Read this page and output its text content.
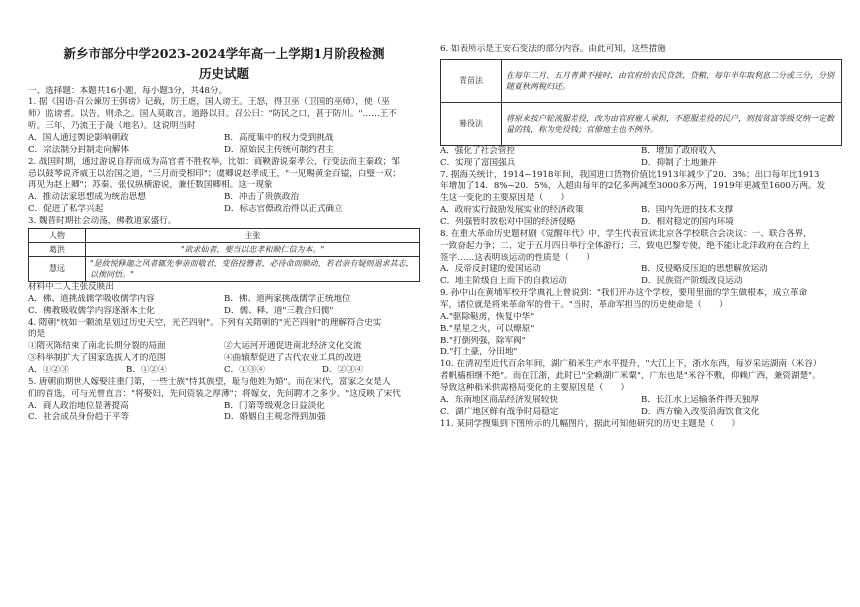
新乡市部分中学2023-2024学年高一上学期1月阶段检测
历史试题
一、选择题：本题共16小题，每小题3分，共48分。
1. 据《国语·召公谏厉王弭谤》记载，厉王虐，国人谤王。王怒，得卫巫（卫国的巫师），使（巫
师）监谤者。以告，则杀之。国人莫敢言，道路以目。召公曰："防民之口，甚于防川。"……王不
听。三年，乃流王于彘（地名）。这说明当时
A．国人通过舆论影响朝政	B．高度集中的权力受到挑战
C．宗法制分封制走向解体	D．原始民主传统可制约君主
2. 战国时期，通过游说自荐而成为高官者不胜枚举，比如：商鞅游说秦孝公，行变法而主秦政；邹
忌以鼓琴说齐威王以治国之道，"三月而受相印"；虞卿说赵孝成王，"一见赐黄金百镒，白璧一双；
再见为赵上卿"；苏秦、张仪纵横游说，兼任数国卿相。这一现象
A．推动法家思想成为统治思想	B．冲击了贵族政治
C．促进了私学兴起	D．标志官僚政治得以正式确立
3. 魏晋时期社会动荡，佛教道家盛行。
人物	主张
葛洪	"欲求仙者，要当以忠孝和顺仁信为本。"
慧远	"是故悦释迦之风者辄先奉亲而敬君，变俗投簪者，必待命而顺动，若君亲有疑则退求其志，以俟同悟。"
材料中二人主张反映出
A．佛、道挑战儒学吸收儒学内容	B．佛、道两家挑战儒学正统地位
C．佛教吸收儒学内容逐渐本土化	D．儒、释、道"三教合归儒"
4. 隋朝"枕如一颗流星划过历史天空，光芒四射"。下列有关隋朝的"光芒四射"的理解符合史实
的是
①隋灭陈结束了南北长期分裂的局面	②大运河开通促进南北经济文化交流
③科举制扩大了国家选拔人才的范围	④曲辕犁促进了古代农业工具的改进
A．①②③	B．①②④	C．①③④	D．②③④
5. 唐朝前期世人嫁娶注重门第，一些士族"恃其族望，耻与他姓为婚"。而在宋代，富家之女是人
们的首选，可与光曾直言："将娶妇，先问资装之厚薄"；将嫁女，先问聘才之多少。"这反映了宋代
A．商人政治地位显著提高	B．门第等级观念日益淡化
C．社会成员身份趋于平等	D．婚姻自主观念得到加强
6. 如表所示是王安石变法的部分内容。由此可知，这些措施
青苗法	在每年二月、五月青黄不接时，由官府给农民贷款、贷粮，每年半年取利息二分或三分，分别随夏秋两税归还。
募役法	将原来按户轮流服差役，改为由官府雇人承担，不愿服差役的民户，则按贫富等级交纳一定数量的钱，称为免役钱；官僚地主也不例外。
A．强化了社会管控	B．增加了政府收入
C．实现了富国强兵	D．抑制了土地兼并
7. 据海关统计，1914~1918年间，我国进口货物价值比1913年减少了20．3%；出口每年比1913
年增加了14．8%~20．5%，入超由每年的2亿多两减至3000多万两，1919年更减至1600万两。发
生这一变化的主要原因是（　　）
A．政府实行鼓励发展实业的经济政策	B．国内先进的技术支撑
C．列强暂时放松对中国的经济侵略	D．相对稳定的国内环境
8. 在重大革命历史题材剧《觉醒年代》中，学生代表宣读北京各学校联合会决议：一、联合各界，
一致奋起力争；二、定于五月四日举行全体游行；三、致电巴黎专使，绝不能让北洋政府在合约上
签字……这表明该运动的性质是（　　）
A．反帝反封建的爱国运动	B．反侵略反压迫的思想解放运动
C．地主阶级自上而下的自救运动	D．民族资产阶级改良运动
9. 孙中山在黄埔军校开学典礼上曾说到："我们开办这个学校，要用里面的学生做根本，成立革命
军，诸位就是将来革命军的骨干。"当时，革命军担当的历史使命是（　　）
A."驱除鞑虏，恢复中华"
B."星星之火，可以燎原"
B."打倒列强，除军阀"
D."打土豪，分田地"
10. 在清初至近代百余年间，湖广稻米生产水平提升，"大江上下，浙水东西，每岁采运湖南（米谷）
者帆樯相继不绝"。而在江浙，此时已"全赖湖广米粟"，广东也是"米谷不敷，仰赖广西，兼资湖楚"。
导致这种稻米供需格局变化的主要原因是（　　）
A．东南地区商品经济发展较快	B．长江水上运输条件得天独厚
C．湖广地区鲜有战争时局稳定	D．西方输入改变沿海饮食文化
11. 某同学搜集到下图所示的几幅图片，据此可知他研究的历史主题是（　　）
